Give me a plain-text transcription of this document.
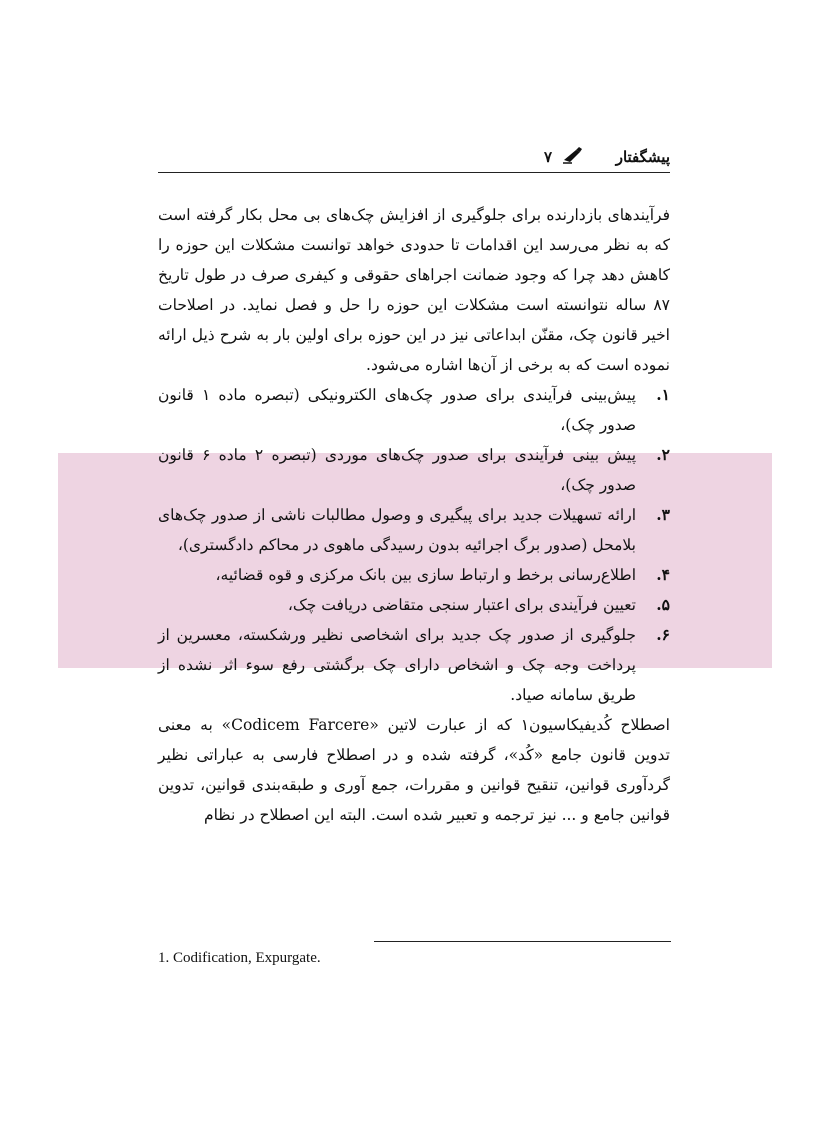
پیشگفتار
۷

فرآیندهای بازدارنده برای جلوگیری از افزایش چک‌های بی محل بکار گرفته است که به نظر می‌رسد این اقدامات تا حدودی خواهد توانست مشکلات این حوزه را کاهش دهد چرا که وجود ضمانت اجراهای حقوقی و کیفری صرف در طول تاریخ ۸۷ ساله نتوانسته است مشکلات این حوزه را حل و فصل نماید. در اصلاحات اخیر قانون چک، مقنّن ابداعاتی نیز در این حوزه برای اولین بار به شرح ذیل ارائه نموده است که به برخی از آن‌ها اشاره می‌شود.

۱.
پیش‌بینی فرآیندی برای صدور چک‌های الکترونیکی (تبصره ماده ۱ قانون صدور چک)،
۲.
پیش بینی فرآیندی برای صدور چک‌های موردی (تبصره ۲ ماده ۶ قانون صدور چک)،
۳.
ارائه تسهیلات جدید برای پیگیری و وصول مطالبات ناشی از صدور چک‌های بلامحل (صدور برگ اجرائیه بدون رسیدگی ماهوی در محاکم دادگستری)،
۴.
اطلاع‌رسانی برخط و ارتباط سازی بین بانک مرکزی و قوه قضائیه،
۵.
تعیین فرآیندی برای اعتبار سنجی متقاضی دریافت چک،
۶.
جلوگیری از صدور چک جدید برای اشخاصی نظیر ورشکسته، معسرین از پرداخت وجه چک و اشخاص دارای چک برگشتی رفع سوء اثر نشده از طریق سامانه صیاد.

اصطلاح کُدیفیکاسیون۱ که از عبارت لاتین «Codicem Farcere» به معنی تدوین قانون جامع «کُد»، گرفته شده و در اصطلاح فارسی به عباراتی نظیر گردآوری قوانین، تنقیح قوانین و مقررات، جمع آوری و طبقه‌بندی قوانین، تدوین قوانین جامع و ... نیز ترجمه و تعبیر شده است. البته این اصطلاح در نظام

1. Codification, Expurgate.
